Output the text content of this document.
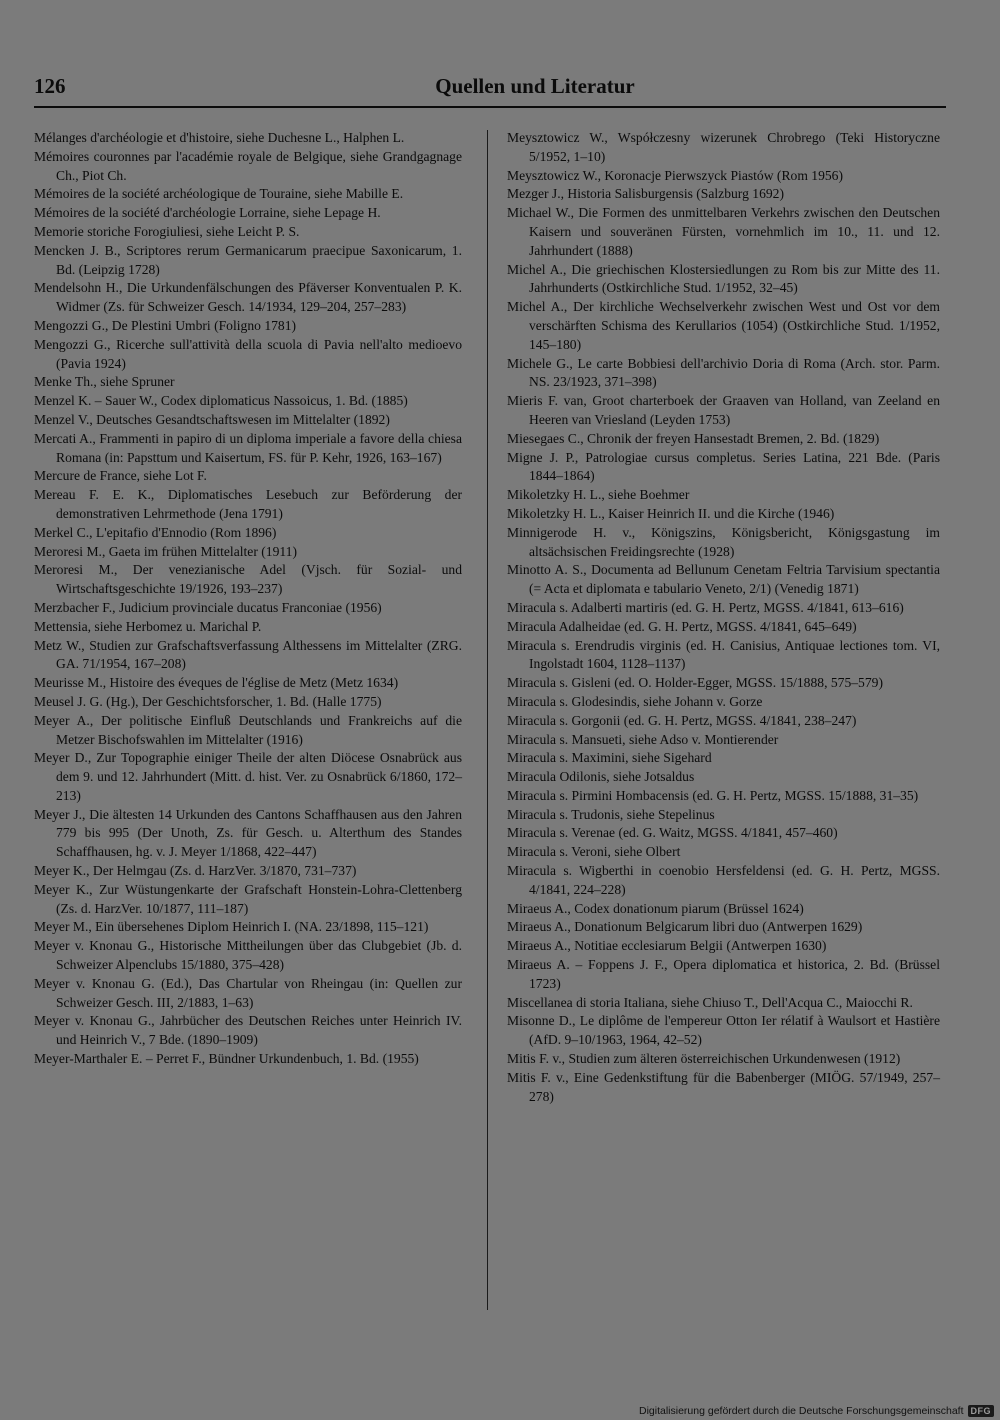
126	Quellen und Literatur

Mélanges d'archéologie et d'histoire, siehe Duchesne L., Halphen L.

Mémoires couronnes par l'académie royale de Belgique, siehe Grandgagnage Ch., Piot Ch.

Mémoires de la société archéologique de Touraine, siehe Mabille E.

Mémoires de la société d'archéologie Lorraine, siehe Lepage H.

Memorie storiche Forogiuliesi, siehe Leicht P. S.

Mencken J. B., Scriptores rerum Germanicarum praecipue Saxonicarum, 1. Bd. (Leipzig 1728)

Mendelsohn H., Die Urkundenfälschungen des Pfäverser Konventualen P. K. Widmer (Zs. für Schweizer Gesch. 14/1934, 129–204, 257–283)

Mengozzi G., De Plestini Umbri (Foligno 1781)

Mengozzi G., Ricerche sull'attività della scuola di Pavia nell'alto medioevo (Pavia 1924)

Menke Th., siehe Spruner

Menzel K. – Sauer W., Codex diplomaticus Nassoicus, 1. Bd. (1885)

Menzel V., Deutsches Gesandtschaftswesen im Mittelalter (1892)

Mercati A., Frammenti in papiro di un diploma imperiale a favore della chiesa Romana (in: Papsttum und Kaisertum, FS. für P. Kehr, 1926, 163–167)

Mercure de France, siehe Lot F.

Mereau F. E. K., Diplomatisches Lesebuch zur Beförderung der demonstrativen Lehrmethode (Jena 1791)

Merkel C., L'epitafio d'Ennodio (Rom 1896)

Meroresi M., Gaeta im frühen Mittelalter (1911)

Meroresi M., Der venezianische Adel (Vjsch. für Sozial- und Wirtschaftsgeschichte 19/1926, 193–237)

Merzbacher F., Judicium provinciale ducatus Franconiae (1956)

Mettensia, siehe Herbomez u. Marichal P.

Metz W., Studien zur Grafschaftsverfassung Althessens im Mittelalter (ZRG. GA. 71/1954, 167–208)

Meurisse M., Histoire des éveques de l'église de Metz (Metz 1634)

Meusel J. G. (Hg.), Der Geschichtsforscher, 1. Bd. (Halle 1775)

Meyer A., Der politische Einfluß Deutschlands und Frankreichs auf die Metzer Bischofswahlen im Mittelalter (1916)

Meyer D., Zur Topographie einiger Theile der alten Diöcese Osnabrück aus dem 9. und 12. Jahrhundert (Mitt. d. hist. Ver. zu Osnabrück 6/1860, 172–213)

Meyer J., Die ältesten 14 Urkunden des Cantons Schaffhausen aus den Jahren 779 bis 995 (Der Unoth, Zs. für Gesch. u. Alterthum des Standes Schaffhausen, hg. v. J. Meyer 1/1868, 422–447)

Meyer K., Der Helmgau (Zs. d. HarzVer. 3/1870, 731–737)

Meyer K., Zur Wüstungenkarte der Grafschaft Honstein-Lohra-Clettenberg (Zs. d. HarzVer. 10/1877, 111–187)

Meyer M., Ein übersehenes Diplom Heinrich I. (NA. 23/1898, 115–121)

Meyer v. Knonau G., Historische Mittheilungen über das Clubgebiet (Jb. d. Schweizer Alpenclubs 15/1880, 375–428)

Meyer v. Knonau G. (Ed.), Das Chartular von Rheingau (in: Quellen zur Schweizer Gesch. III, 2/1883, 1–63)

Meyer v. Knonau G., Jahrbücher des Deutschen Reiches unter Heinrich IV. und Heinrich V., 7 Bde. (1890–1909)

Meyer-Marthaler E. – Perret F., Bündner Urkundenbuch, 1. Bd. (1955)

Meysztowicz W., Współczesny wizerunek Chrobrego (Teki Historyczne 5/1952, 1–10)

Meysztowicz W., Koronacje Pierwszyck Piastów (Rom 1956)

Mezger J., Historia Salisburgensis (Salzburg 1692)

Michael W., Die Formen des unmittelbaren Verkehrs zwischen den Deutschen Kaisern und souveränen Fürsten, vornehmlich im 10., 11. und 12. Jahrhundert (1888)

Michel A., Die griechischen Klostersiedlungen zu Rom bis zur Mitte des 11. Jahrhunderts (Ostkirchliche Stud. 1/1952, 32–45)

Michel A., Der kirchliche Wechselverkehr zwischen West und Ost vor dem verschärften Schisma des Kerullarios (1054) (Ostkirchliche Stud. 1/1952, 145–180)

Michele G., Le carte Bobbiesi dell'archivio Doria di Roma (Arch. stor. Parm. NS. 23/1923, 371–398)

Mieris F. van, Groot charterboek der Graaven van Holland, van Zeeland en Heeren van Vriesland (Leyden 1753)

Miesegaes C., Chronik der freyen Hansestadt Bremen, 2. Bd. (1829)

Migne J. P., Patrologiae cursus completus. Series Latina, 221 Bde. (Paris 1844–1864)

Mikoletzky H. L., siehe Boehmer

Mikoletzky H. L., Kaiser Heinrich II. und die Kirche (1946)

Minnigerode H. v., Königszins, Königsbericht, Königsgastung im altsächsischen Freidingsrechte (1928)

Minotto A. S., Documenta ad Bellunum Cenetam Feltria Tarvisium spectantia (= Acta et diplomata e tabulario Veneto, 2/1) (Venedig 1871)

Miracula s. Adalberti martiris (ed. G. H. Pertz, MGSS. 4/1841, 613–616)

Miracula Adalheidae (ed. G. H. Pertz, MGSS. 4/1841, 645–649)

Miracula s. Erendrudis virginis (ed. H. Canisius, Antiquae lectiones tom. VI, Ingolstadt 1604, 1128–1137)

Miracula s. Gisleni (ed. O. Holder-Egger, MGSS. 15/1888, 575–579)

Miracula s. Glodesindis, siehe Johann v. Gorze

Miracula s. Gorgonii (ed. G. H. Pertz, MGSS. 4/1841, 238–247)

Miracula s. Mansueti, siehe Adso v. Montierender

Miracula s. Maximini, siehe Sigehard

Miracula Odilonis, siehe Jotsaldus

Miracula s. Pirmini Hombacensis (ed. G. H. Pertz, MGSS. 15/1888, 31–35)

Miracula s. Trudonis, siehe Stepelinus

Miracula s. Verenae (ed. G. Waitz, MGSS. 4/1841, 457–460)

Miracula s. Veroni, siehe Olbert

Miracula s. Wigberthi in coenobio Hersfeldensi (ed. G. H. Pertz, MGSS. 4/1841, 224–228)

Miraeus A., Codex donationum piarum (Brüssel 1624)

Miraeus A., Donationum Belgicarum libri duo (Antwerpen 1629)

Miraeus A., Notitiae ecclesiarum Belgii (Antwerpen 1630)

Miraeus A. – Foppens J. F., Opera diplomatica et historica, 2. Bd. (Brüssel 1723)

Miscellanea di storia Italiana, siehe Chiuso T., Dell'Acqua C., Maiocchi R.

Misonne D., Le diplôme de l'empereur Otton Ier rélatif à Waulsort et Hastière (AfD. 9–10/1963, 1964, 42–52)

Mitis F. v., Studien zum älteren österreichischen Urkundenwesen (1912)

Mitis F. v., Eine Gedenkstiftung für die Babenberger (MIÖG. 57/1949, 257–278)

Digitalisierung gefördert durch die Deutsche Forschungsgemeinschaft DFG
